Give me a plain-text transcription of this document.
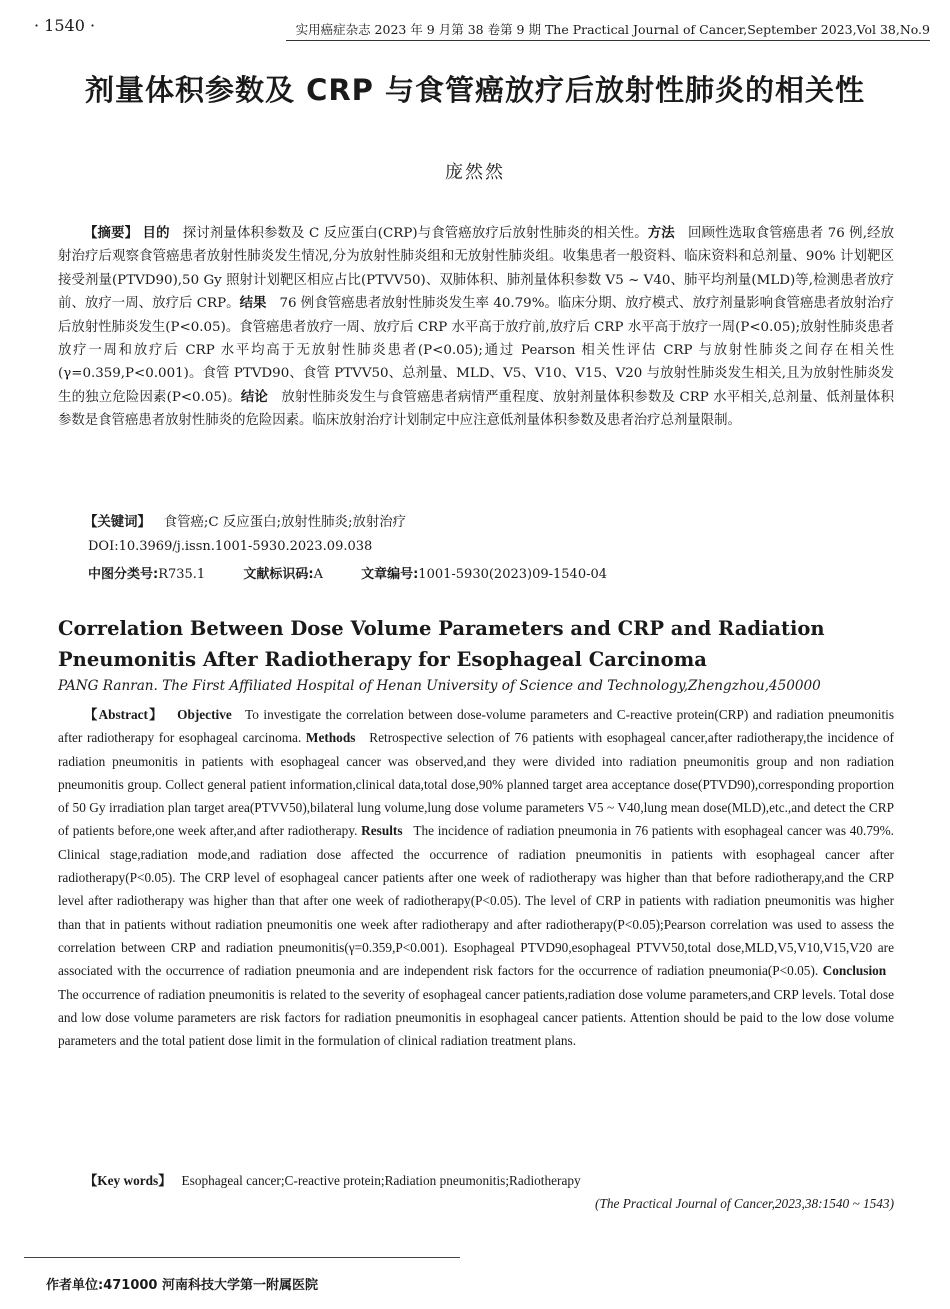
· 1540 ·	实用癌症杂志 2023 年 9 月第 38 卷第 9 期 The Practical Journal of Cancer,September 2023,Vol 38,No.9
剂量体积参数及 CRP 与食管癌放疗后放射性肺炎的相关性
庞然然
【摘要】 目的 探讨剂量体积参数及 C 反应蛋白(CRP)与食管癌放疗后放射性肺炎的相关性。方法 回顾性选取食管癌患者 76 例,经放射治疗后观察食管癌患者放射性肺炎发生情况,分为放射性肺炎组和无放射性肺炎组。收集患者一般资料、临床资料和总剂量、90% 计划靶区接受剂量(PTVD90),50 Gy 照射计划靶区相应占比(PTVV50)、双肺体积、肺剂量体积参数 V5 ~ V40、肺平均剂量(MLD)等,检测患者放疗前、放疗一周、放疗后 CRP。结果 76 例食管癌患者放射性肺炎发生率 40.79%。临床分期、放疗模式、放疗剂量影响食管癌患者放射治疗后放射性肺炎发生(P<0.05)。食管癌患者放疗一周、放疗后 CRP 水平高于放疗前,放疗后 CRP 水平高于放疗一周(P<0.05);放射性肺炎患者放疗一周和放疗后 CRP 水平均高于无放射性肺炎患者(P<0.05);通过 Pearson 相关性评估 CRP 与放射性肺炎之间存在相关性(γ=0.359,P<0.001)。食管 PTVD90、食管 PTVV50、总剂量、MLD、V5、V10、V15、V20 与放射性肺炎发生相关,且为放射性肺炎发生的独立危险因素(P<0.05)。结论 放射性肺炎发生与食管癌患者病情严重程度、放射剂量体积参数及 CRP 水平相关,总剂量、低剂量体积参数是食管癌患者放射性肺炎的危险因素。临床放射治疗计划制定中应注意低剂量体积参数及患者治疗总剂量限制。
【关键词】 食管癌;C 反应蛋白;放射性肺炎;放射治疗
DOI:10.3969/j.issn.1001-5930.2023.09.038
中图分类号:R735.1	文献标识码:A	文章编号:1001-5930(2023)09-1540-04
Correlation Between Dose Volume Parameters and CRP and Radiation Pneumonitis After Radiotherapy for Esophageal Carcinoma
PANG Ranran. The First Affiliated Hospital of Henan University of Science and Technology,Zhengzhou,450000
【Abstract】 Objective To investigate the correlation between dose-volume parameters and C-reactive protein(CRP) and radiation pneumonitis after radiotherapy for esophageal carcinoma. Methods Retrospective selection of 76 patients with esophageal cancer,after radiotherapy,the incidence of radiation pneumonitis in patients with esophageal cancer was observed,and they were divided into radiation pneumonitis group and non radiation pneumonitis group. Collect general patient information,clinical data,total dose,90% planned target area acceptance dose(PTVD90),corresponding proportion of 50 Gy irradiation plan target area(PTVV50),bilateral lung volume,lung dose volume parameters V5 ~ V40,lung mean dose(MLD),etc.,and detect the CRP of patients before,one week after,and after radiotherapy. Results The incidence of radiation pneumonia in 76 patients with esophageal cancer was 40.79%. Clinical stage,radiation mode,and radiation dose affected the occurrence of radiation pneumonitis in patients with esophageal cancer after radiotherapy(P<0.05). The CRP level of esophageal cancer patients after one week of radiotherapy was higher than that before radiotherapy,and the CRP level after radiotherapy was higher than that after one week of radiotherapy(P<0.05). The level of CRP in patients with radiation pneumonitis was higher than that in patients without radiation pneumonitis one week after radiotherapy and after radiotherapy(P<0.05);Pearson correlation was used to assess the correlation between CRP and radiation pneumonitis(γ=0.359,P<0.001). Esophageal PTVD90,esophageal PTVV50,total dose,MLD,V5,V10,V15,V20 are associated with the occurrence of radiation pneumonia and are independent risk factors for the occurrence of radiation pneumonia(P<0.05). Conclusion   The occurrence of radiation pneumonitis is related to the severity of esophageal cancer patients,radiation dose volume parameters,and CRP levels. Total dose and low dose volume parameters are risk factors for radiation pneumonitis in esophageal cancer patients. Attention should be paid to the low dose volume parameters and the total patient dose limit in the formulation of clinical radiation treatment plans.
【Key words】 Esophageal cancer;C-reactive protein;Radiation pneumonitis;Radiotherapy
(The Practical Journal of Cancer,2023,38:1540 ~ 1543)
作者单位:471000 河南科技大学第一附属医院
